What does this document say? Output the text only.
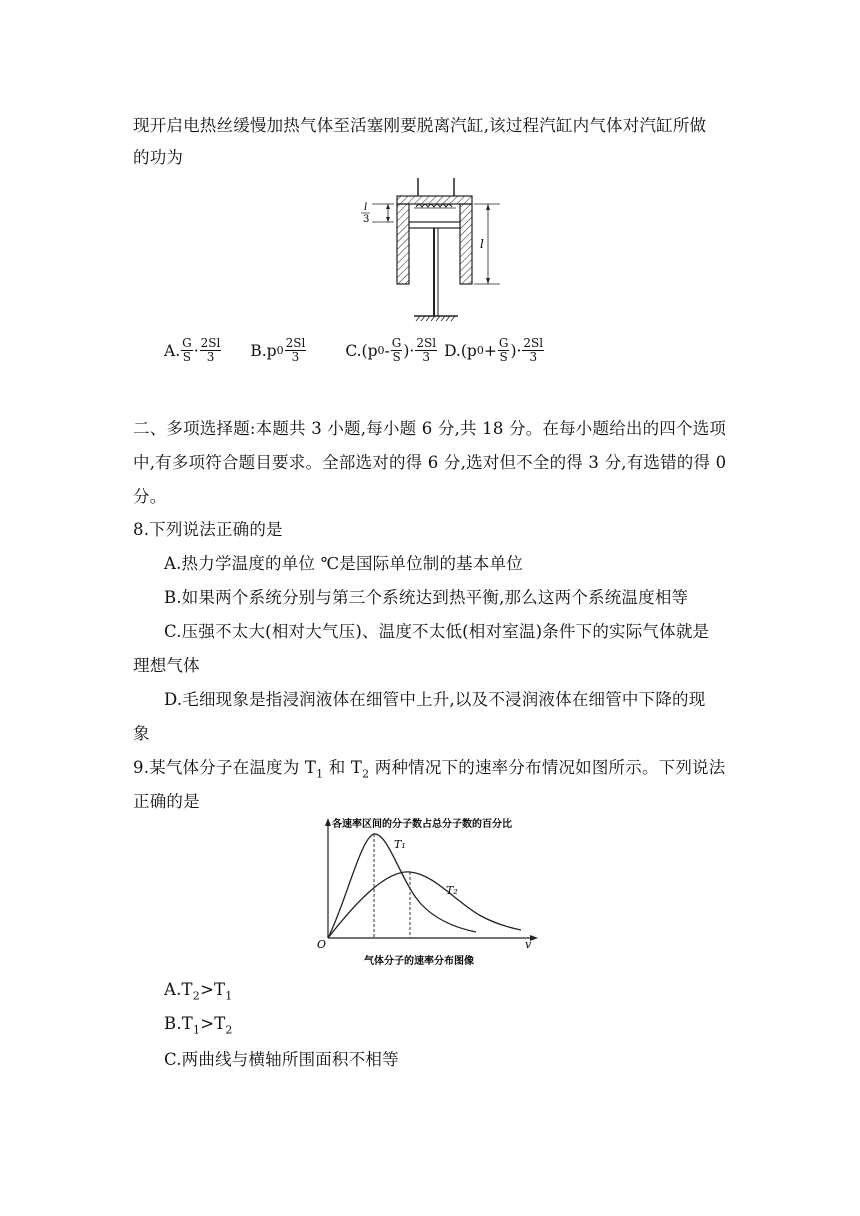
现开启电热丝缓慢加热气体至活塞刚要脱离汽缸,该过程汽缸内气体对汽缸所做
的功为
l
3
l
A. $\frac{G}{S} \cdot \frac{2Sl}{3} B.p$ $0 \frac{2Sl}{3}$	C.(p $0 - \frac{G}{S}$ )· $\frac{2Sl}{3} D.(p$ $0 + \frac{G}{S}$ )· $\frac{2Sl}{3}$
二、多项选择题:本题共 3 小题,每小题 6 分,共 18 分。在每小题给出的四个选项
中,有多项符合题目要求。全部选对的得 6 分,选对但不全的得 3 分,有选错的得 0
分。
8.下列说法正确的是
A.热力学温度的单位 ℃是国际单位制的基本单位
B.如果两个系统分别与第三个系统达到热平衡,那么这两个系统温度相等
C.压强不太大(相对大气压)、温度不太低(相对室温)条件下的实际气体就是
理想气体
D.毛细现象是指浸润液体在细管中上升,以及不浸润液体在细管中下降的现
象
9.某气体分子在温度为 $T_1$ 和 $T_2$ 两种情况下的速率分布情况如图所示。下列说法
正确的是
各速率区间的分子数占总分子数的百分比
O	v
T₁
T₂
气体分子的速率分布图像
$A.T_2>T_1$
$B.T_1>T_2$
C.两曲线与横轴所围面积不相等
